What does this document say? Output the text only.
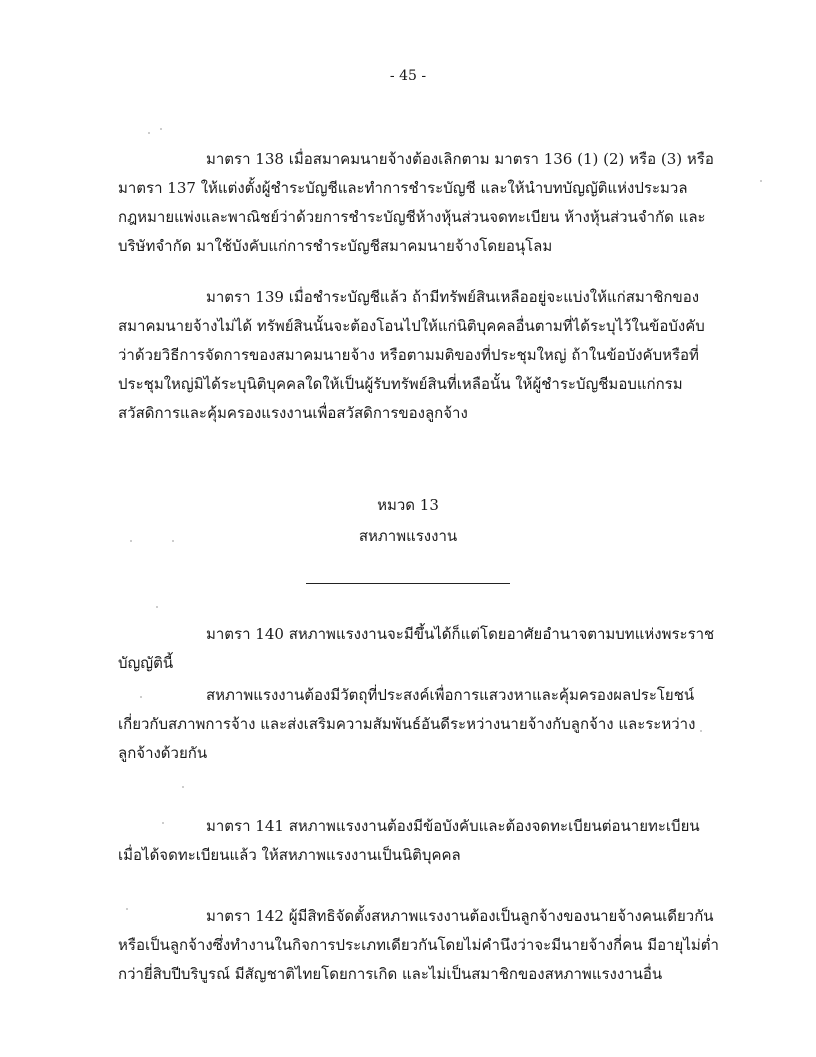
- 45 -

มาตรา 138 เมื่อสมาคมนายจ้างต้องเลิกตาม มาตรา 136 (1) (2) หรือ (3) หรือ
มาตรา 137 ให้แต่งตั้งผู้ชำระบัญชีและทำการชำระบัญชี และให้นำบทบัญญัติแห่งประมวล
กฎหมายแพ่งและพาณิชย์ว่าด้วยการชำระบัญชีห้างหุ้นส่วนจดทะเบียน ห้างหุ้นส่วนจำกัด และ
บริษัทจำกัด มาใช้บังคับแก่การชำระบัญชีสมาคมนายจ้างโดยอนุโลม

มาตรา 139 เมื่อชำระบัญชีแล้ว ถ้ามีทรัพย์สินเหลืออยู่จะแบ่งให้แก่สมาชิกของ
สมาคมนายจ้างไม่ได้ ทรัพย์สินนั้นจะต้องโอนไปให้แก่นิติบุคคลอื่นตามที่ได้ระบุไว้ในข้อบังคับ
ว่าด้วยวิธีการจัดการของสมาคมนายจ้าง หรือตามมติของที่ประชุมใหญ่ ถ้าในข้อบังคับหรือที่
ประชุมใหญ่มิได้ระบุนิติบุคคลใดให้เป็นผู้รับทรัพย์สินที่เหลือนั้น ให้ผู้ชำระบัญชีมอบแก่กรม
สวัสดิการและคุ้มครองแรงงานเพื่อสวัสดิการของลูกจ้าง

หมวด 13
สหภาพแรงงาน

มาตรา 140 สหภาพแรงงานจะมีขึ้นได้ก็แต่โดยอาศัยอำนาจตามบทแห่งพระราช
บัญญัตินี้

สหภาพแรงงานต้องมีวัตถุที่ประสงค์เพื่อการแสวงหาและคุ้มครองผลประโยชน์
เกี่ยวกับสภาพการจ้าง และส่งเสริมความสัมพันธ์อันดีระหว่างนายจ้างกับลูกจ้าง และระหว่าง
ลูกจ้างด้วยกัน

มาตรา 141 สหภาพแรงงานต้องมีข้อบังคับและต้องจดทะเบียนต่อนายทะเบียน
เมื่อได้จดทะเบียนแล้ว ให้สหภาพแรงงานเป็นนิติบุคคล

มาตรา 142 ผู้มีสิทธิจัดตั้งสหภาพแรงงานต้องเป็นลูกจ้างของนายจ้างคนเดียวกัน
หรือเป็นลูกจ้างซึ่งทำงานในกิจการประเภทเดียวกันโดยไม่คำนึงว่าจะมีนายจ้างกี่คน มีอายุไม่ต่ำ
กว่ายี่สิบปีบริบูรณ์ มีสัญชาติไทยโดยการเกิด และไม่เป็นสมาชิกของสหภาพแรงงานอื่น
